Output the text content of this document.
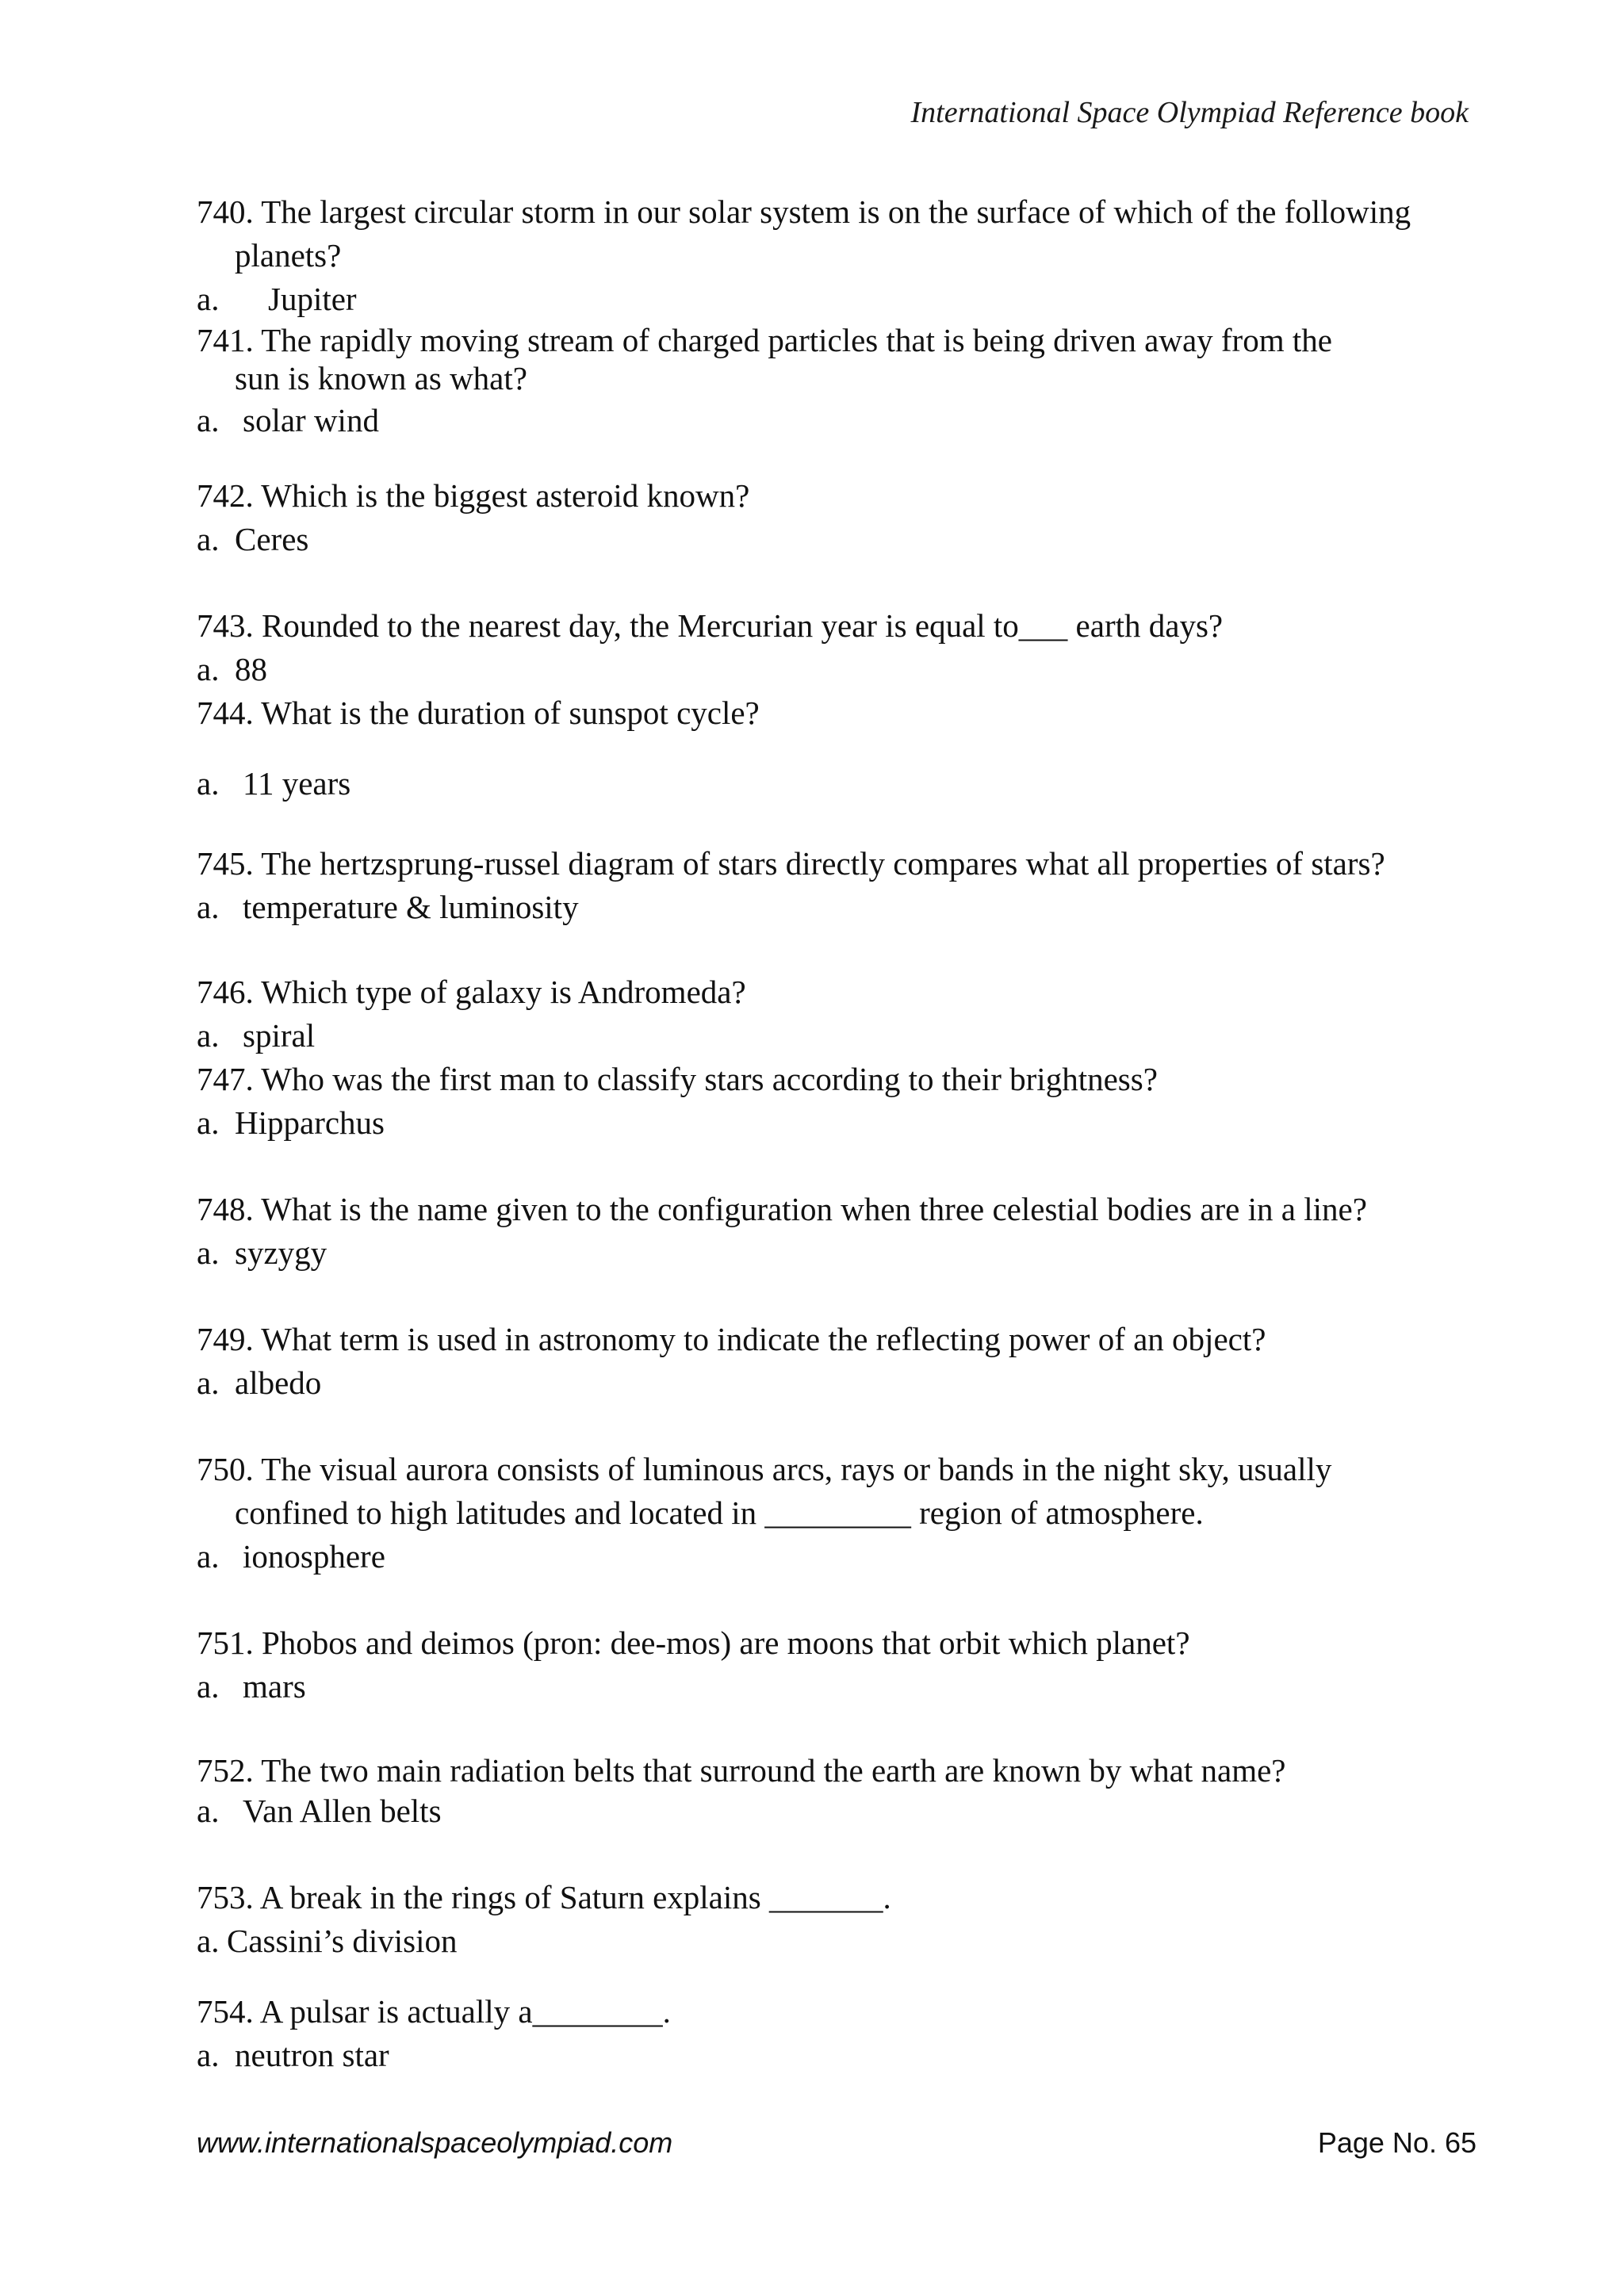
International Space Olympiad Reference book

740. The largest circular storm in our solar system is on the surface of which of the following
planets?

a. Jupiter

741. The rapidly moving stream of charged particles that is being driven away from the
sun is known as what?

a. solar wind

742. Which is the biggest asteroid known?

a. Ceres

743. Rounded to the nearest day, the Mercurian year is equal to___ earth days?

a. 88

744. What is the duration of sunspot cycle?

a. 11 years

745. The hertzsprung-russel diagram of stars directly compares what all properties of stars?

a. temperature & luminosity

746. Which type of galaxy is Andromeda?

a. spiral

747. Who was the first man to classify stars according to their brightness?

a. Hipparchus

748. What is the name given to the configuration when three celestial bodies are in a line?

a. syzygy

749. What term is used in astronomy to indicate the reflecting power of an object?

a. albedo

750. The visual aurora consists of luminous arcs, rays or bands in the night sky, usually
confined to high latitudes and located in _________ region of atmosphere.

a. ionosphere

751. Phobos and deimos (pron: dee-mos) are moons that orbit which planet?

a. mars

752. The two main radiation belts that surround the earth are known by what name?

a. Van Allen belts

753. A break in the rings of Saturn explains _______.

a. Cassini’s division

754. A pulsar is actually a________.

a. neutron star

www.internationalspaceolympiad.com	Page No. 65
